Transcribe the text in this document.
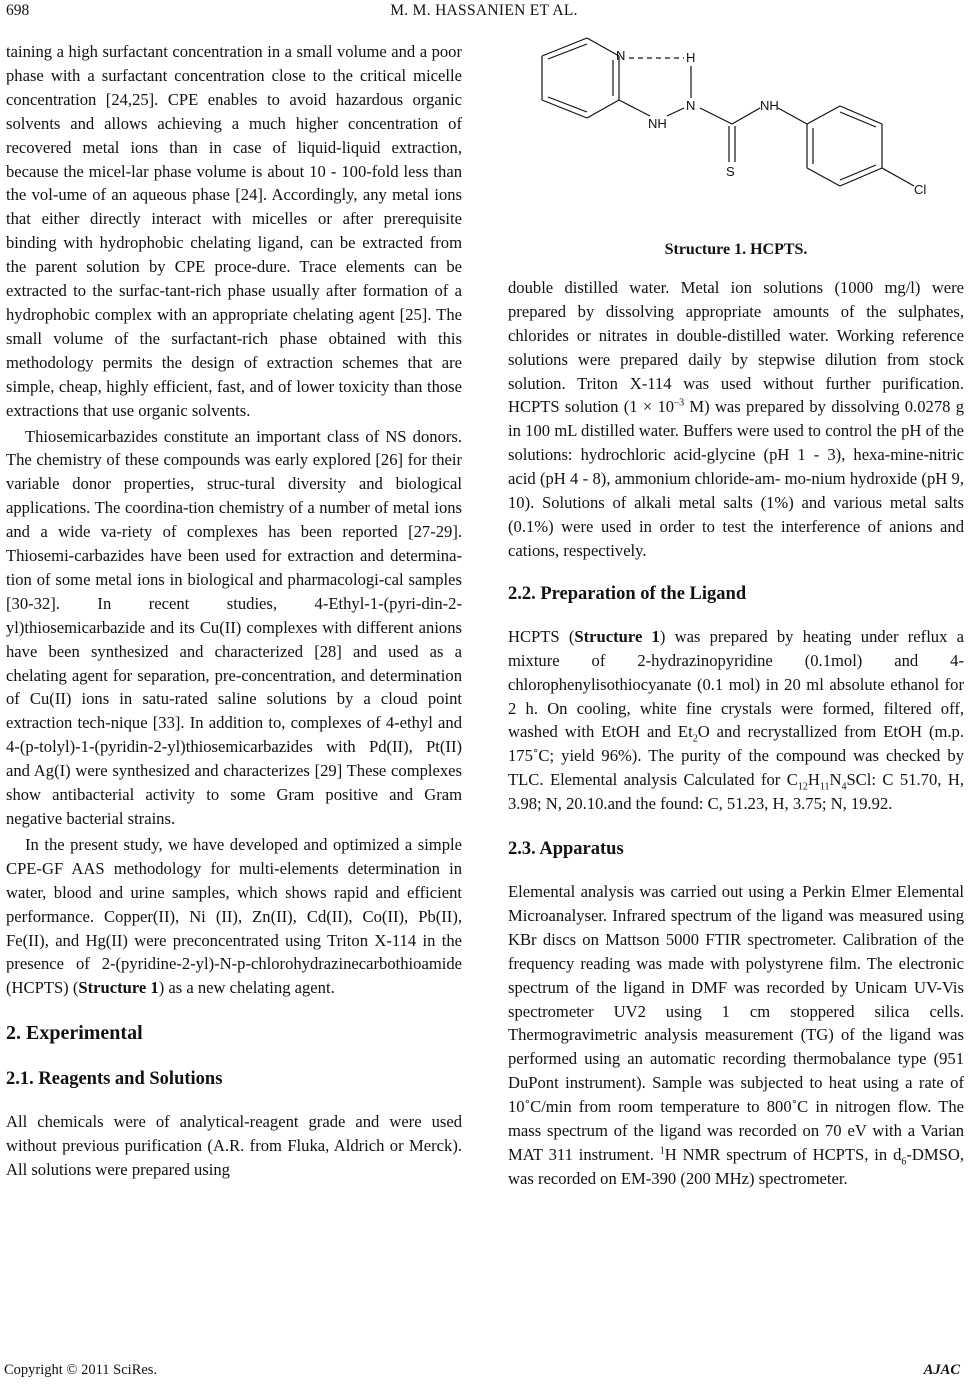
698	M. M. HASSANIEN ET AL.

taining a high surfactant concentration in a small volume and a poor phase with a surfactant concentration close to the critical micelle concentration [24,25]. CPE enables to avoid hazardous organic solvents and allows achieving a much higher concentration of recovered metal ions than in case of liquid-liquid extraction, because the micel-lar phase volume is about 10 - 100-fold less than the vol-ume of an aqueous phase [24]. Accordingly, any metal ions that either directly interact with micelles or after prerequisite binding with hydrophobic chelating ligand, can be extracted from the parent solution by CPE proce-dure. Trace elements can be extracted to the surfac-tant-rich phase usually after formation of a hydrophobic complex with an appropriate chelating agent [25]. The small volume of the surfactant-rich phase obtained with this methodology permits the design of extraction schemes that are simple, cheap, highly efficient, fast, and of lower toxicity than those extractions that use organic solvents.

Thiosemicarbazides constitute an important class of NS donors. The chemistry of these compounds was early explored [26] for their variable donor properties, struc-tural diversity and biological applications. The coordina-tion chemistry of a number of metal ions and a wide va-riety of complexes has been reported [27-29]. Thiosemi-carbazides have been used for extraction and determina-tion of some metal ions in biological and pharmacologi-cal samples [30-32]. In recent studies, 4-Ethyl-1-(pyri-din-2-yl)thiosemicarbazide and its Cu(II) complexes with different anions have been synthesized and characterized [28] and used as a chelating agent for separation, pre-concentration, and determination of Cu(II) ions in satu-rated saline solutions by a cloud point extraction tech-nique [33]. In addition to, complexes of 4-ethyl and 4-(p-tolyl)-1-(pyridin-2-yl)thiosemicarbazides with Pd(II), Pt(II) and Ag(I) were synthesized and characterizes [29] These complexes show antibacterial activity to some Gram positive and Gram negative bacterial strains.

In the present study, we have developed and optimized a simple CPE-GF AAS methodology for multi-elements determination in water, blood and urine samples, which shows rapid and efficient performance. Copper(II), Ni (II), Zn(II), Cd(II), Co(II), Pb(II), Fe(II), and Hg(II) were preconcentrated using Triton X-114 in the presence of 2-(pyridine-2-yl)-N-p-chlorohydrazinecarbothioamide (HCPTS) (Structure 1) as a new chelating agent.

2. Experimental
2.1. Reagents and Solutions

All chemicals were of analytical-reagent grade and were used without previous purification (A.R. from Fluka, Aldrich or Merck). All solutions were prepared using

N	H
N	NH
NH
S
Cl
Structure 1. HCPTS.

double distilled water. Metal ion solutions (1000 mg/l) were prepared by dissolving appropriate amounts of the sulphates, chlorides or nitrates in double-distilled water. Working reference solutions were prepared daily by stepwise dilution from stock solution. Triton X-114 was used without further purification. HCPTS solution ($1 \times 10^{-3}$ M) was prepared by dissolving 0.0278 g in 100 mL distilled water. Buffers were used to control the pH of the solutions: hydrochloric acid-glycine (pH 1 - 3), hexa-mine-nitric acid (pH 4 - 8), ammonium chloride-am- mo-nium hydroxide (pH 9, 10). Solutions of alkali metal salts (1%) and various metal salts (0.1%) were used in order to test the interference of anions and cations, respectively.

2.2. Preparation of the Ligand

HCPTS (Structure 1) was prepared by heating under reflux a mixture of 2-hydrazinopyridine (0.1mol) and 4-chlorophenylisothiocyanate (0.1 mol) in 20 ml absolute ethanol for 2 h. On cooling, white fine crystals were formed, filtered off, washed with EtOH and $Et_2O$ and recrystallized from EtOH (m.p. 175˚C; yield 96%). The purity of the compound was checked by TLC. Elemental analysis Calculated for $C_{12}H_{11}N_4SCl$: C 51.70, H, 3.98; N, 20.10.and the found: C, 51.23, H, 3.75; N, 19.92.

2.3. Apparatus

Elemental analysis was carried out using a Perkin Elmer Elemental Microanalyser. Infrared spectrum of the ligand was measured using KBr discs on Mattson 5000 FTIR spectrometer. Calibration of the frequency reading was made with polystyrene film. The electronic spectrum of the ligand in DMF was recorded by Unicam UV-Vis spectrometer UV2 using 1 cm stoppered silica cells. Thermogravimetric analysis measurement (TG) of the ligand was performed using an automatic recording thermobalance type (951 DuPont instrument). Sample was subjected to heat using a rate of 10˚C/min from room temperature to 800˚C in nitrogen flow. The mass spectrum of the ligand was recorded on 70 eV with a Varian MAT 311 instrument. $^1$H NMR spectrum of HCPTS, in $d_6$-DMSO, was recorded on EM-390 (200 MHz) spectrometer.

Copyright © 2011 SciRes.	AJAC
